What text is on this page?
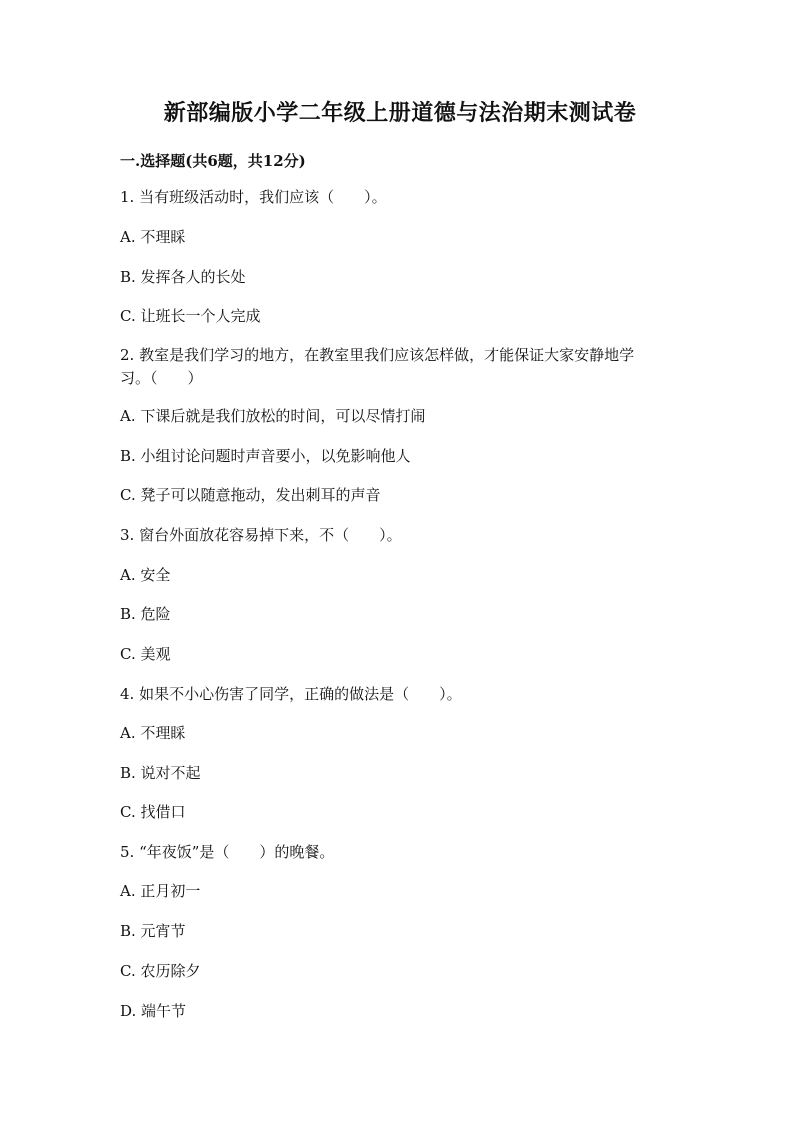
新部编版小学二年级上册道德与法治期末测试卷
一.选择题(共6题，共12分)
1. 当有班级活动时，我们应该（　　）。
A. 不理睬
B. 发挥各人的长处
C. 让班长一个人完成
2. 教室是我们学习的地方，在教室里我们应该怎样做，才能保证大家安静地学
习。（　　）
A. 下课后就是我们放松的时间，可以尽情打闹
B. 小组讨论问题时声音要小，以免影响他人
C. 凳子可以随意拖动，发出刺耳的声音
3. 窗台外面放花容易掉下来，不（　　）。
A. 安全
B. 危险
C. 美观
4. 如果不小心伤害了同学，正确的做法是（　　）。
A. 不理睬
B. 说对不起
C. 找借口
5. “年夜饭”是（　　）的晚餐。
A. 正月初一
B. 元宵节
C. 农历除夕
D. 端午节
